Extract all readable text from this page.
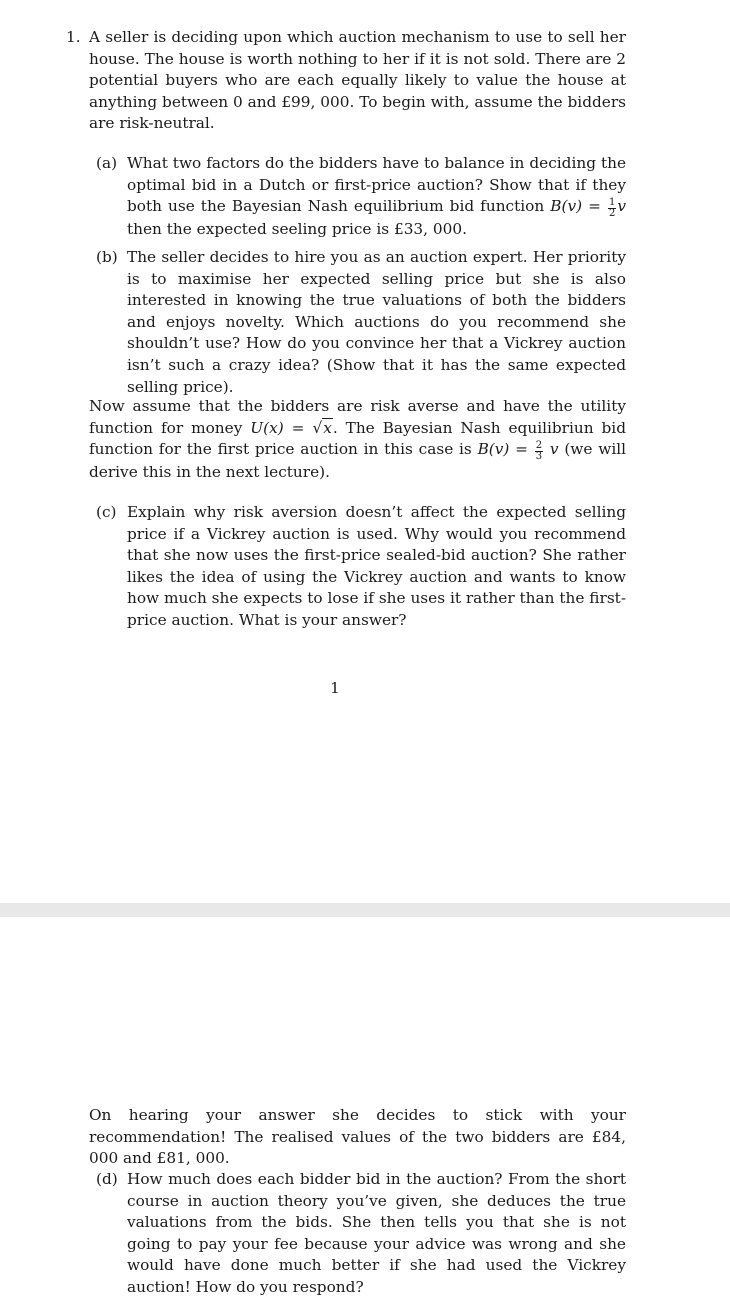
1. A seller is deciding upon which auction mechanism to use to sell her house. The house is worth nothing to her if it is not sold. There are 2 potential buyers who are each equally likely to value the house at anything between 0 and £99, 000. To begin with, assume the bidders are risk-neutral.

(a) What two factors do the bidders have to balance in deciding the optimal bid in a Dutch or first-price auction? Show that if they both use the Bayesian Nash equilibrium bid function $B(v) = \frac{1}{2}$ v then the expected seeling price is £33, 000.

(b) The seller decides to hire you as an auction expert. Her priority is to maximise her expected selling price but she is also interested in knowing the true valuations of both the bidders and enjoys novelty. Which auctions do you recommend she shouldn’t use? How do you convince her that a Vickrey auction isn’t such a crazy idea? (Show that it has the same expected selling price).

Now assume that the bidders are risk averse and have the utility function for money U(x) = √x. The Bayesian Nash equilibriun bid function for the first price auction in this case is $B(v) = \frac{2}{3}$ v (we will derive this in the next lecture).

(c) Explain why risk aversion doesn’t affect the expected selling price if a Vickrey auction is used. Why would you recommend that she now uses the first-price sealed-bid auction? She rather likes the idea of using the Vickrey auction and wants to know how much she expects to lose if she uses it rather than the first-price auction. What is your answer?

1

On hearing your answer she decides to stick with your recommendation! The realised values of the two bidders are £84, 000 and £81, 000.

(d) How much does each bidder bid in the auction? From the short course in auction theory you’ve given, she deduces the true valuations from the bids. She then tells you that she is not going to pay your fee because your advice was wrong and she would have done much better if she had used the Vickrey auction! How do you respond?
